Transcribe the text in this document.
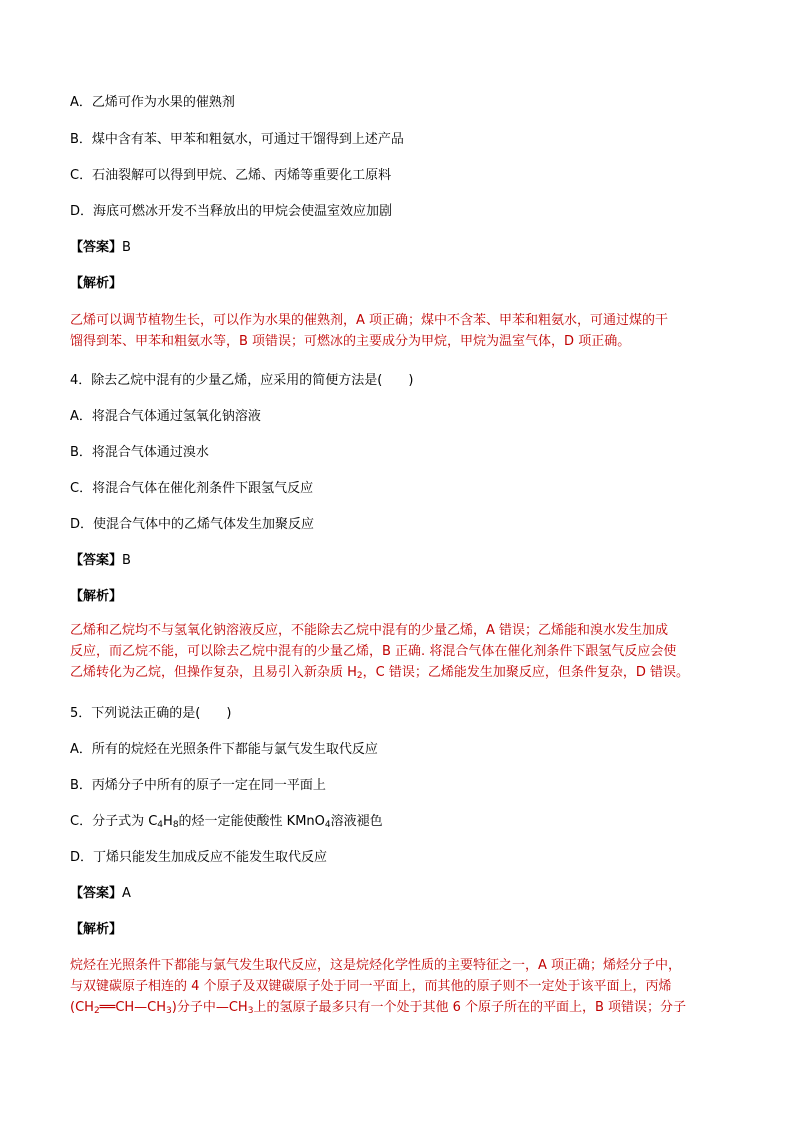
A．乙烯可作为水果的催熟剂
B．煤中含有苯、甲苯和粗氨水，可通过干馏得到上述产品
C．石油裂解可以得到甲烷、乙烯、丙烯等重要化工原料
D．海底可燃冰开发不当释放出的甲烷会使温室效应加剧
【答案】B
【解析】
乙烯可以调节植物生长，可以作为水果的催熟剂，A 项正确；煤中不含苯、甲苯和粗氨水，可通过煤的干
馏得到苯、甲苯和粗氨水等，B 项错误；可燃冰的主要成分为甲烷，甲烷为温室气体，D 项正确。
4．除去乙烷中混有的少量乙烯，应采用的简便方法是(　　)
A．将混合气体通过氢氧化钠溶液
B．将混合气体通过溴水
C．将混合气体在催化剂条件下跟氢气反应
D．使混合气体中的乙烯气体发生加聚反应
【答案】B
【解析】
乙烯和乙烷均不与氢氧化钠溶液反应，不能除去乙烷中混有的少量乙烯，A 错误；乙烯能和溴水发生加成
反应，而乙烷不能，可以除去乙烷中混有的少量乙烯，B 正确. 将混合气体在催化剂条件下跟氢气反应会使
乙烯转化为乙烷，但操作复杂，且易引入新杂质 $H_2$，C 错误；乙烯能发生加聚反应，但条件复杂，D 错误。
5．下列说法正确的是(　　)
A．所有的烷烃在光照条件下都能与氯气发生取代反应
B．丙烯分子中所有的原子一定在同一平面上
C．分子式为 $C_4H_8$的烃一定能使酸性 KMnO$_4$溶液褪色
D．丁烯只能发生加成反应不能发生取代反应
【答案】A
【解析】
烷烃在光照条件下都能与氯气发生取代反应，这是烷烃化学性质的主要特征之一，A 项正确；烯烃分子中，
与双键碳原子相连的 4 个原子及双键碳原子处于同一平面上，而其他的原子则不一定处于该平面上，丙烯
$(CH_2══CH—CH_3)$分子中$—CH_3$上的氢原子最多只有一个处于其他 6 个原子所在的平面上，B 项错误；分子
